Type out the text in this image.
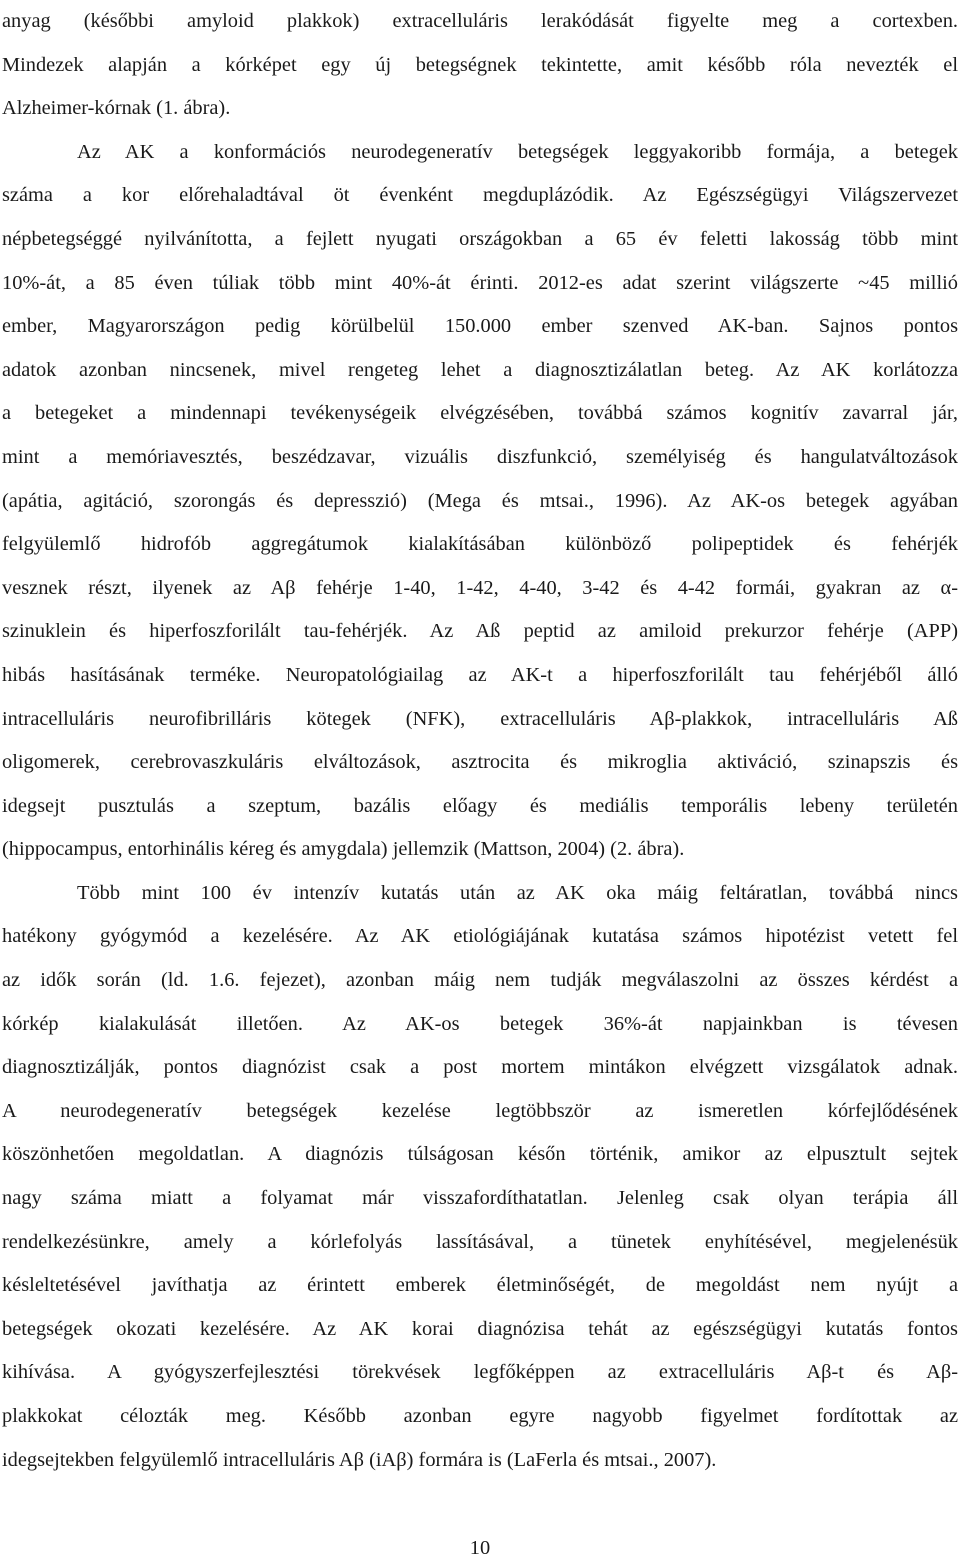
anyag (későbbi amyloid plakkok) extracelluláris lerakódását figyelte meg a cortexben.
Mindezek alapján a kórképet egy új betegségnek tekintette, amit később róla nevezték el
Alzheimer-kórnak (1. ábra).
Az AK a konformációs neurodegeneratív betegségek leggyakoribb formája, a betegek
száma a kor előrehaladtával öt évenként megduplázódik. Az Egészségügyi Világszervezet
népbetegséggé nyilvánította, a fejlett nyugati országokban a 65 év feletti lakosság több mint
10%-át, a 85 éven túliak több mint 40%-át érinti. 2012-es adat szerint világszerte ~45 millió
ember, Magyarországon pedig körülbelül 150.000 ember szenved AK-ban. Sajnos pontos
adatok azonban nincsenek, mivel rengeteg lehet a diagnosztizálatlan beteg. Az AK korlátozza
a betegeket a mindennapi tevékenységeik elvégzésében, továbbá számos kognitív zavarral jár,
mint a memóriavesztés, beszédzavar, vizuális diszfunkció, személyiség és hangulatváltozások
(apátia, agitáció, szorongás és depresszió) (Mega és mtsai., 1996). Az AK-os betegek agyában
felgyülemlő hidrofób aggregátumok kialakításában különböző polipeptidek és fehérjék
vesznek részt, ilyenek az Aβ fehérje 1-40, 1-42, 4-40, 3-42 és 4-42 formái, gyakran az α-
szinuklein és hiperfoszforilált tau-fehérjék. Az Aß peptid az amiloid prekurzor fehérje (APP)
hibás hasításának terméke. Neuropatológiailag az AK-t a hiperfoszforilált tau fehérjéből álló
intracelluláris neurofibrilláris kötegek (NFK), extracelluláris Aβ-plakkok, intracelluláris Aß
oligomerek, cerebrovaszkuláris elváltozások, asztrocita és mikroglia aktiváció, szinapszis és
idegsejt pusztulás a szeptum, bazális előagy és mediális temporális lebeny területén
(hippocampus, entorhinális kéreg és amygdala) jellemzik (Mattson, 2004) (2. ábra).
Több mint 100 év intenzív kutatás után az AK oka máig feltáratlan, továbbá nincs
hatékony gyógymód a kezelésére. Az AK etiológiájának kutatása számos hipotézist vetett fel
az idők során (ld. 1.6. fejezet), azonban máig nem tudják megválaszolni az összes kérdést a
kórkép kialakulását illetően. Az AK-os betegek 36%-át napjainkban is tévesen
diagnosztizálják, pontos diagnózist csak a post mortem mintákon elvégzett vizsgálatok adnak.
A neurodegeneratív betegségek kezelése legtöbbször az ismeretlen kórfejlődésének
köszönhetően megoldatlan. A diagnózis túlságosan későn történik, amikor az elpusztult sejtek
nagy száma miatt a folyamat már visszafordíthatatlan. Jelenleg csak olyan terápia áll
rendelkezésünkre, amely a kórlefolyás lassításával, a tünetek enyhítésével, megjelenésük
késleltetésével javíthatja az érintett emberek életminőségét, de megoldást nem nyújt a
betegségek okozati kezelésére. Az AK korai diagnózisa tehát az egészségügyi kutatás fontos
kihívása. A gyógyszerfejlesztési törekvések legfőképpen az extracelluláris Aβ-t és Aβ-
plakkokat célozták meg. Később azonban egyre nagyobb figyelmet fordítottak az
idegsejtekben felgyülemlő intracelluláris Aβ (iAβ) formára is (LaFerla és mtsai., 2007).
10
